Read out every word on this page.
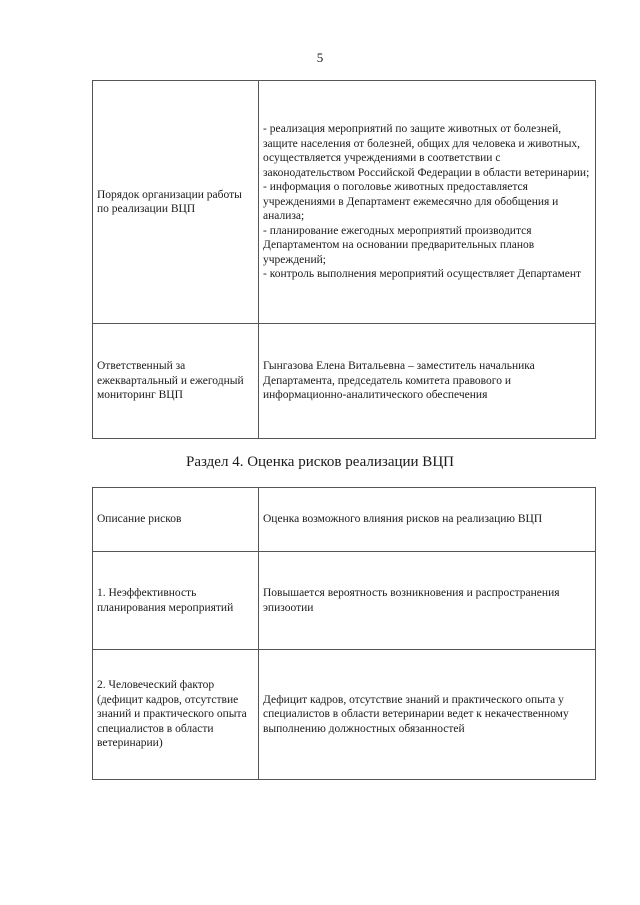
5
Порядок организации работы по реализации ВЦП	- реализация мероприятий по защите животных от болезней, защите населения от болезней, общих для человека и животных, осуществляется учреждениями в соответствии с законодательством Российской Федерации в области ветеринарии;
- информация о поголовье животных предоставляется учреждениями в Департамент ежемесячно для обобщения и анализа;
- планирование ежегодных мероприятий производится Департаментом на основании предварительных планов учреждений;
- контроль выполнения мероприятий осуществляет Департамент
Ответственный за ежеквартальный и ежегодный мониторинг ВЦП	Гынгазова Елена Витальевна – заместитель начальника Департамента, председатель комитета правового и информационно-аналитического обеспечения
Раздел 4. Оценка рисков реализации ВЦП
Описание рисков	Оценка возможного влияния рисков на реализацию ВЦП
1. Неэффективность планирования мероприятий	Повышается вероятность возникновения и распространения эпизоотии
2. Человеческий фактор (дефицит кадров, отсутствие знаний и практического опыта специалистов в области ветеринарии)	Дефицит кадров, отсутствие знаний и практического опыта у специалистов в области ветеринарии ведет к некачественному выполнению должностных обязанностей
